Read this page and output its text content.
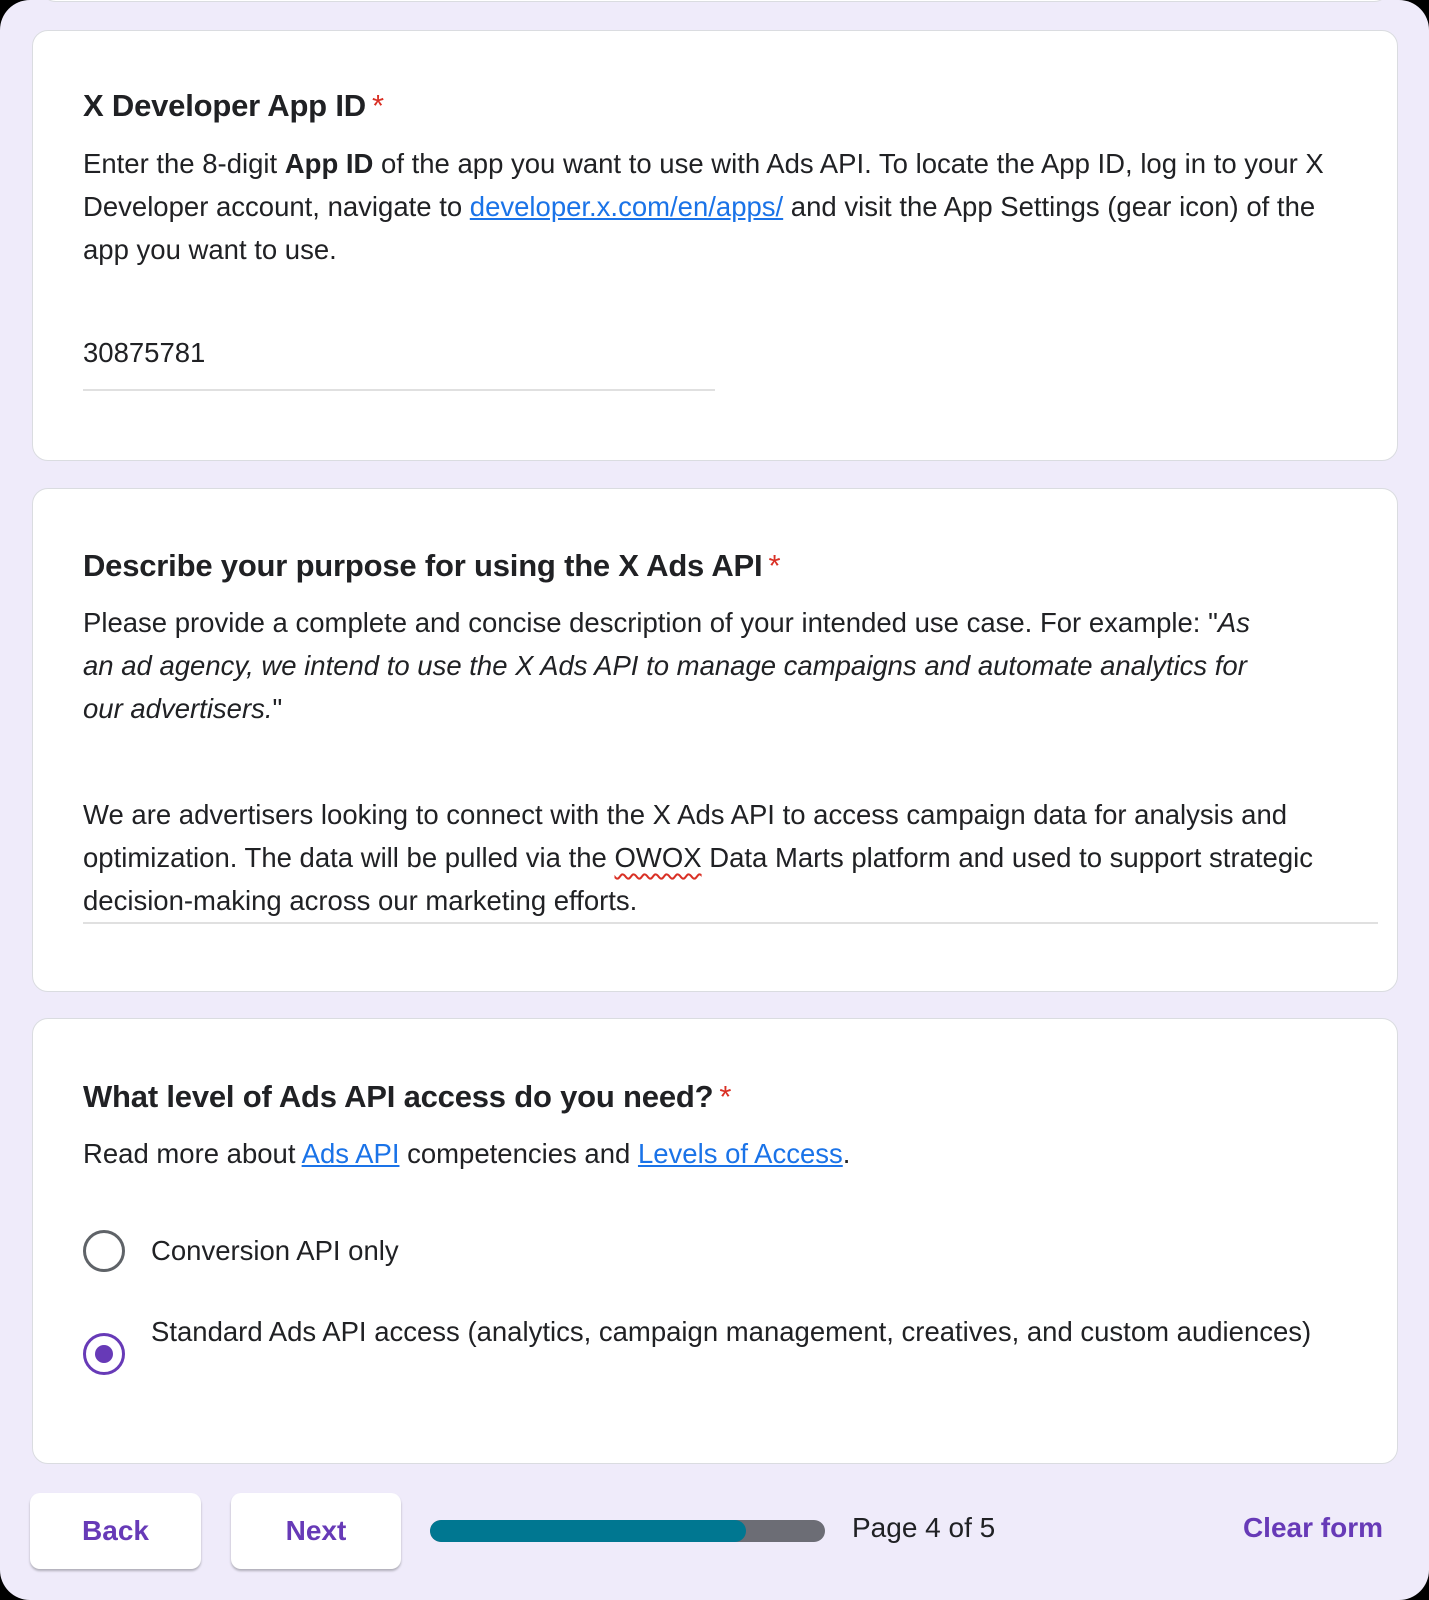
X Developer App ID *
Enter the 8-digit App ID of the app you want to use with Ads API. To locate the App ID, log in to your X Developer account, navigate to developer.x.com/en/apps/ and visit the App Settings (gear icon) of the app you want to use.
30875781
Describe your purpose for using the X Ads API *
Please provide a complete and concise description of your intended use case. For example: "As an ad agency, we intend to use the X Ads API to manage campaigns and automate analytics for our advertisers."
We are advertisers looking to connect with the X Ads API to access campaign data for analysis and optimization. The data will be pulled via the OWOX Data Marts platform and used to support strategic decision-making across our marketing efforts.
What level of Ads API access do you need? *
Read more about Ads API competencies and Levels of Access.
Conversion API only
Standard Ads API access (analytics, campaign management, creatives, and custom audiences)
Back	Next	Page 4 of 5	Clear form
